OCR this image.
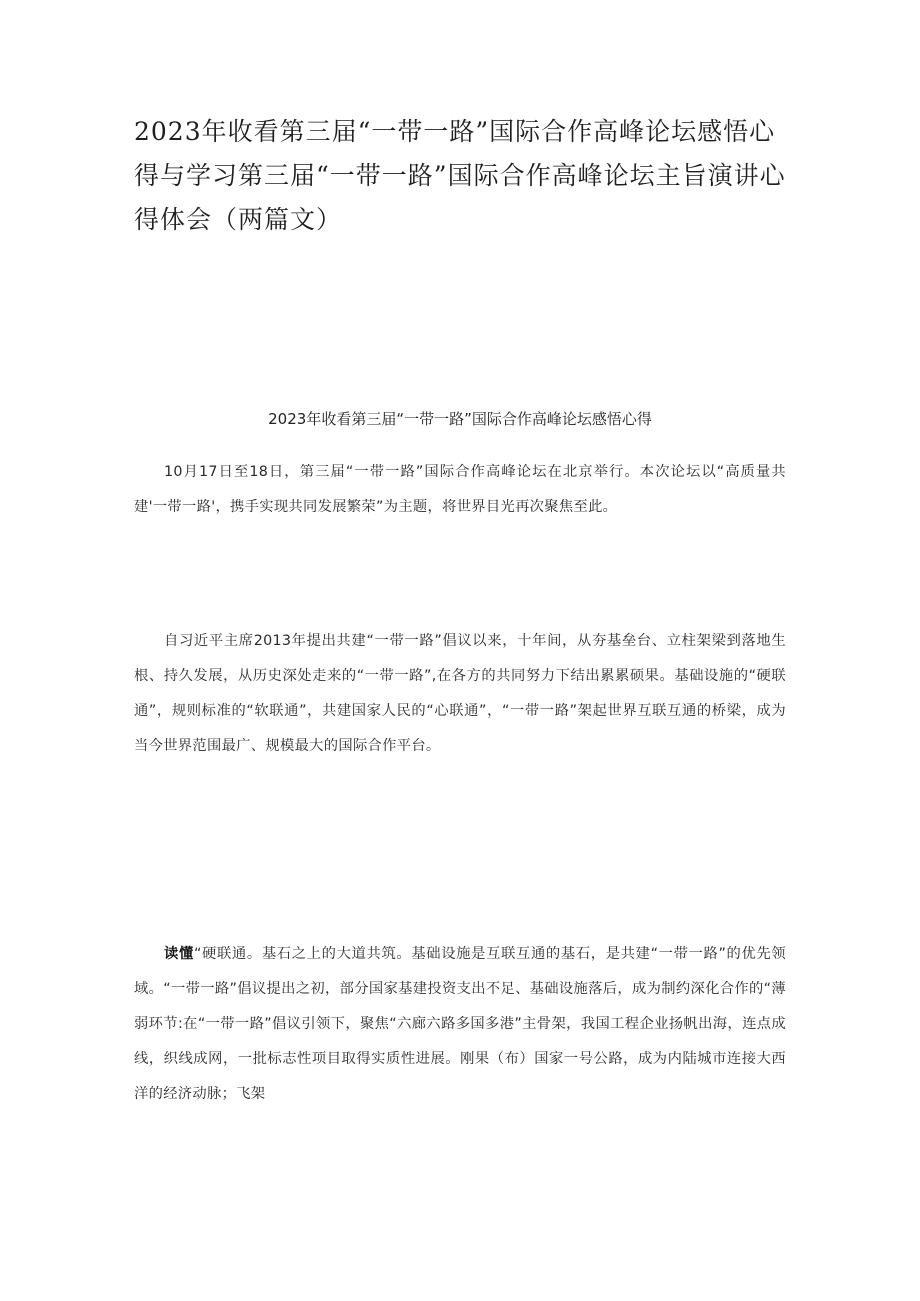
2023年收看第三届“一带一路”国际合作高峰论坛感悟心得与学习第三届“一带一路”国际合作高峰论坛主旨演讲心得体会（两篇文）
2023年收看第三届“一带一路”国际合作高峰论坛感悟心得

10月17日至18日，第三届“一带一路”国际合作高峰论坛在北京举行。本次论坛以“高质量共建'一带一路'，携手实现共同发展繁荣”为主题，将世界目光再次聚焦至此。

自习近平主席2013年提出共建“一带一路”倡议以来，十年间，从夯基垒台、立柱架梁到落地生根、持久发展，从历史深处走来的“一带一路”,在各方的共同努力下结出累累硕果。基础设施的“硬联通”，规则标准的“软联通”，共建国家人民的“心联通”，“一带一路”架起世界互联互通的桥梁，成为当今世界范围最广、规模最大的国际合作平台。

读懂“硬联通。基石之上的大道共筑。基础设施是互联互通的基石，是共建“一带一路”的优先领域。“一带一路”倡议提出之初，部分国家基建投资支出不足、基础设施落后，成为制约深化合作的“薄弱环节:在“一带一路”倡议引领下，聚焦“六廊六路多国多港”主骨架，我国工程企业扬帆出海，连点成线，织线成网，一批标志性项目取得实质性进展。刚果（布）国家一号公路，成为内陆城市连接大西洋的经济动脉；飞架
